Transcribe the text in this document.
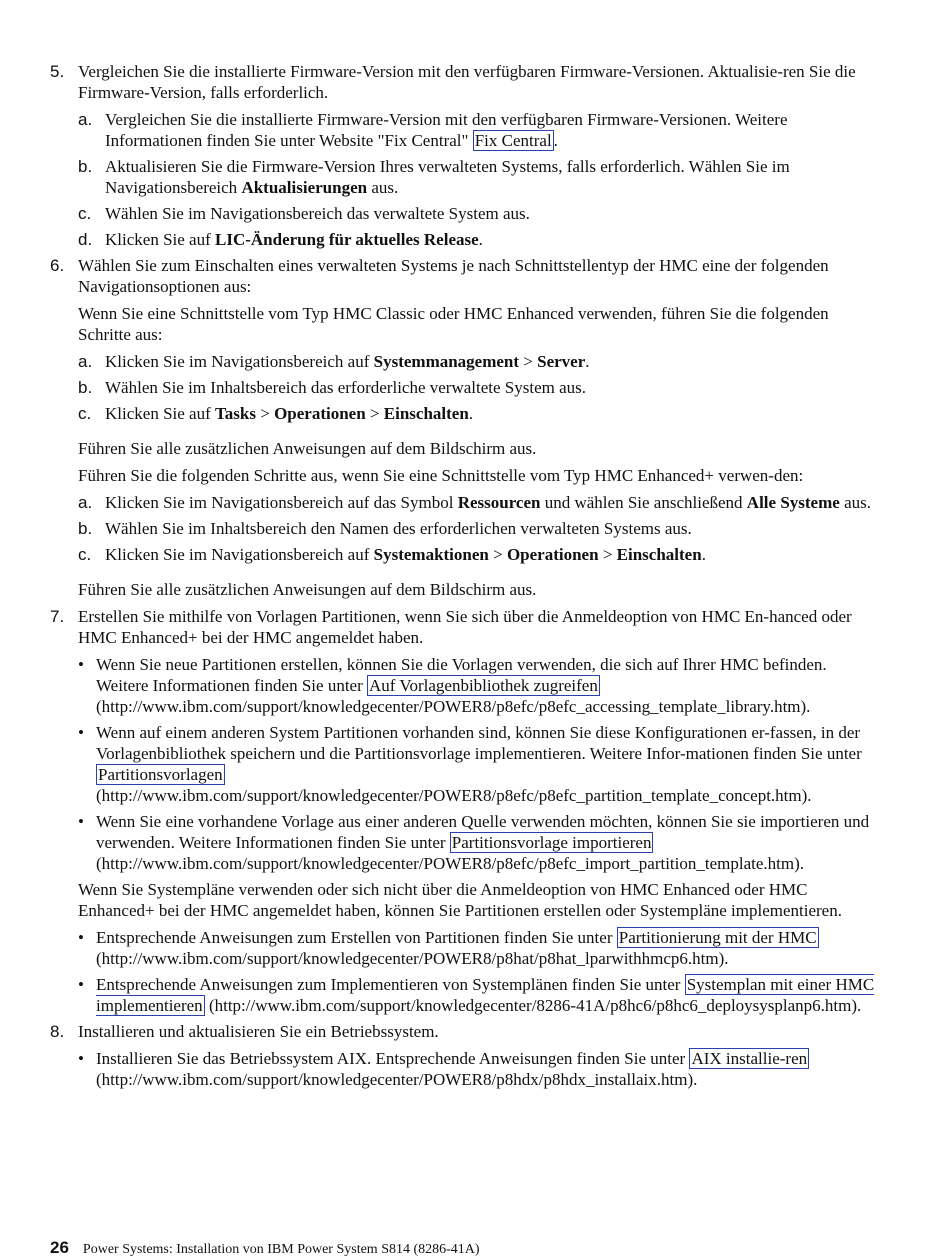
5. Vergleichen Sie die installierte Firmware-Version mit den verfügbaren Firmware-Versionen. Aktualisie-ren Sie die Firmware-Version, falls erforderlich.
a. Vergleichen Sie die installierte Firmware-Version mit den verfügbaren Firmware-Versionen. Weitere Informationen finden Sie unter Website "Fix Central" Fix Central .
b. Aktualisieren Sie die Firmware-Version Ihres verwalteten Systems, falls erforderlich. Wählen Sie im Navigationsbereich Aktualisierungen aus.
c. Wählen Sie im Navigationsbereich das verwaltete System aus.
d. Klicken Sie auf LIC-Änderung für aktuelles Release.
6. Wählen Sie zum Einschalten eines verwalteten Systems je nach Schnittstellentyp der HMC eine der folgenden Navigationsoptionen aus:
Wenn Sie eine Schnittstelle vom Typ HMC Classic oder HMC Enhanced verwenden, führen Sie die folgenden Schritte aus:
a. Klicken Sie im Navigationsbereich auf Systemmanagement > Server.
b. Wählen Sie im Inhaltsbereich das erforderliche verwaltete System aus.
c. Klicken Sie auf Tasks > Operationen > Einschalten.
Führen Sie alle zusätzlichen Anweisungen auf dem Bildschirm aus.
Führen Sie die folgenden Schritte aus, wenn Sie eine Schnittstelle vom Typ HMC Enhanced+ verwen-den:
a. Klicken Sie im Navigationsbereich auf das Symbol Ressourcen und wählen Sie anschließend Alle Systeme aus.
b. Wählen Sie im Inhaltsbereich den Namen des erforderlichen verwalteten Systems aus.
c. Klicken Sie im Navigationsbereich auf Systemaktionen > Operationen > Einschalten.
Führen Sie alle zusätzlichen Anweisungen auf dem Bildschirm aus.
7. Erstellen Sie mithilfe von Vorlagen Partitionen, wenn Sie sich über die Anmeldeoption von HMC En-hanced oder HMC Enhanced+ bei der HMC angemeldet haben.
• Wenn Sie neue Partitionen erstellen, können Sie die Vorlagen verwenden, die sich auf Ihrer HMC befinden. Weitere Informationen finden Sie unter Auf Vorlagenbibliothek zugreifen (http://www.ibm.com/support/knowledgecenter/POWER8/p8efc/p8efc_accessing_template_library.htm).
• Wenn auf einem anderen System Partitionen vorhanden sind, können Sie diese Konfigurationen er-fassen, in der Vorlagenbibliothek speichern und die Partitionsvorlage implementieren. Weitere Infor-mationen finden Sie unter Partitionsvorlagen (http://www.ibm.com/support/knowledgecenter/POWER8/p8efc/p8efc_partition_template_concept.htm).
• Wenn Sie eine vorhandene Vorlage aus einer anderen Quelle verwenden möchten, können Sie sie importieren und verwenden. Weitere Informationen finden Sie unter Partitionsvorlage importieren (http://www.ibm.com/support/knowledgecenter/POWER8/p8efc/p8efc_import_partition_template.htm).
Wenn Sie Systempläne verwenden oder sich nicht über die Anmeldeoption von HMC Enhanced oder HMC Enhanced+ bei der HMC angemeldet haben, können Sie Partitionen erstellen oder Systempläne implementieren.
• Entsprechende Anweisungen zum Erstellen von Partitionen finden Sie unter Partitionierung mit der HMC (http://www.ibm.com/support/knowledgecenter/POWER8/p8hat/p8hat_lparwithhmcp6.htm).
• Entsprechende Anweisungen zum Implementieren von Systemplänen finden Sie unter Systemplan mit einer HMC implementieren (http://www.ibm.com/support/knowledgecenter/8286-41A/p8hc6/p8hc6_deploysysplanp6.htm).
8. Installieren und aktualisieren Sie ein Betriebssystem.
• Installieren Sie das Betriebssystem AIX. Entsprechende Anweisungen finden Sie unter AIX installie-ren (http://www.ibm.com/support/knowledgecenter/POWER8/p8hdx/p8hdx_installaix.htm).
26 Power Systems: Installation von IBM Power System S814 (8286-41A)
